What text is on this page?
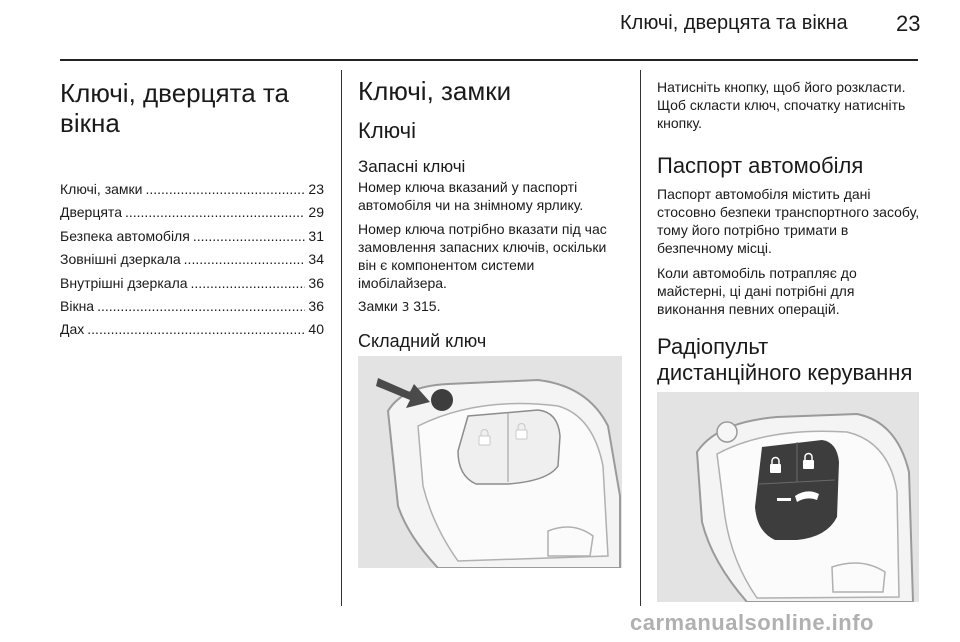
Ключі, дверцята та вікна 23
Ключі, дверцята та вікна
Ключі, замки .....	23
Дверцята .....	29
Безпека автомобіля .....	31
Зовнішні дзеркала .....	34
Внутрішні дзеркала .....	36
Вікна .....	36
Дах .....	40
Ключі, замки
Ключі
Запасні ключі
Номер ключа вказаний у паспорті автомобіля чи на знімному ярлику.
Номер ключа потрібно вказати під час замовлення запасних ключів, оскільки він є компонентом системи імобілайзера.
Замки 3 315.
Складний ключ
Натисніть кнопку, щоб його розкласти. Щоб скласти ключ, спочатку натисніть кнопку.
Паспорт автомобіля
Паспорт автомобіля містить дані стосовно безпеки транспортного засобу, тому його потрібно тримати в безпечному місці.
Коли автомобіль потрапляє до майстерні, ці дані потрібні для виконання певних операцій.
Радіопульт
дистанційного керування
carmanualsonline.info
